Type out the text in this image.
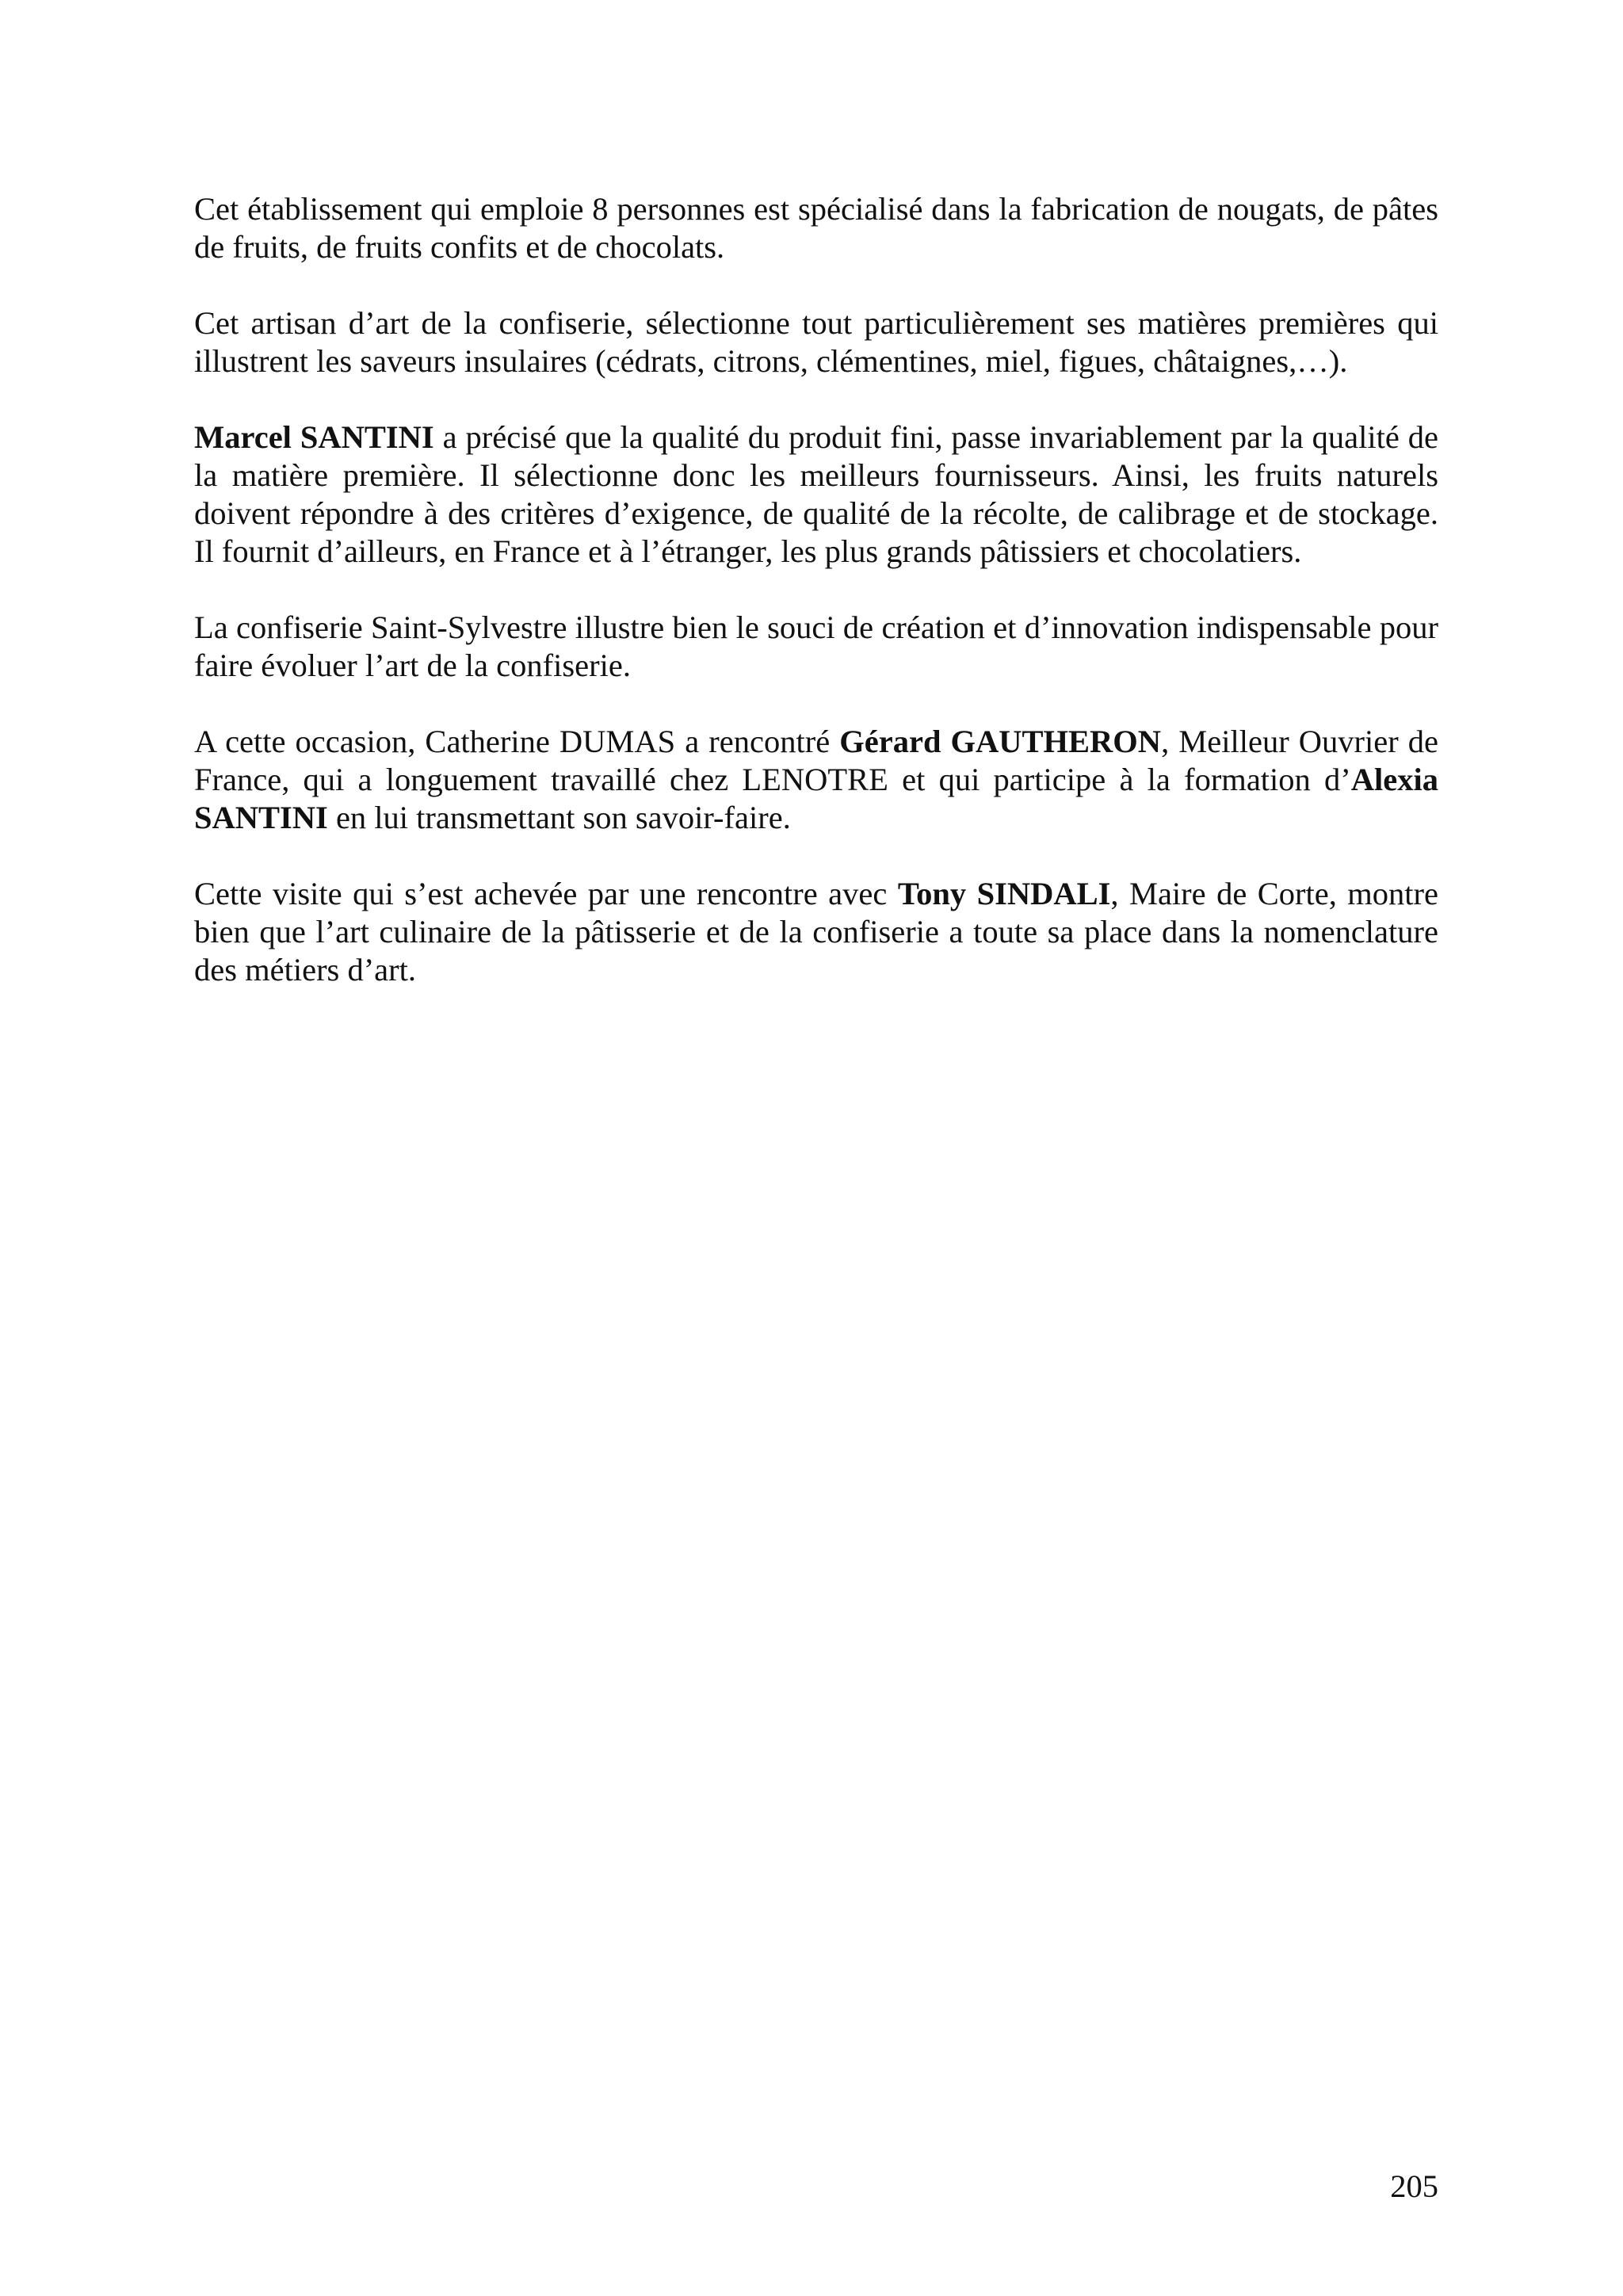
Cet établissement qui emploie 8 personnes est spécialisé dans la fabrication de nougats, de pâtes de fruits, de fruits confits et de chocolats.

Cet artisan d’art de la confiserie, sélectionne tout particulièrement ses matières premières qui illustrent les saveurs insulaires (cédrats, citrons, clémentines, miel, figues, châtaignes,…).

Marcel SANTINI a précisé que la qualité du produit fini, passe invariablement par la qualité de la matière première. Il sélectionne donc les meilleurs fournisseurs. Ainsi, les fruits naturels doivent répondre à des critères d’exigence, de qualité de la récolte, de calibrage et de stockage. Il fournit d’ailleurs, en France et à l’étranger, les plus grands pâtissiers et chocolatiers.

La confiserie Saint-Sylvestre illustre bien le souci de création et d’innovation indispensable pour faire évoluer l’art de la confiserie.

A cette occasion, Catherine DUMAS a rencontré Gérard GAUTHERON, Meilleur Ouvrier de France, qui a longuement travaillé chez LENOTRE et qui participe à la formation d’Alexia SANTINI en lui transmettant son savoir-faire.

Cette visite qui s’est achevée par une rencontre avec Tony SINDALI, Maire de Corte, montre bien que l’art culinaire de la pâtisserie et de la confiserie a toute sa place dans la nomenclature des métiers d’art.

205
